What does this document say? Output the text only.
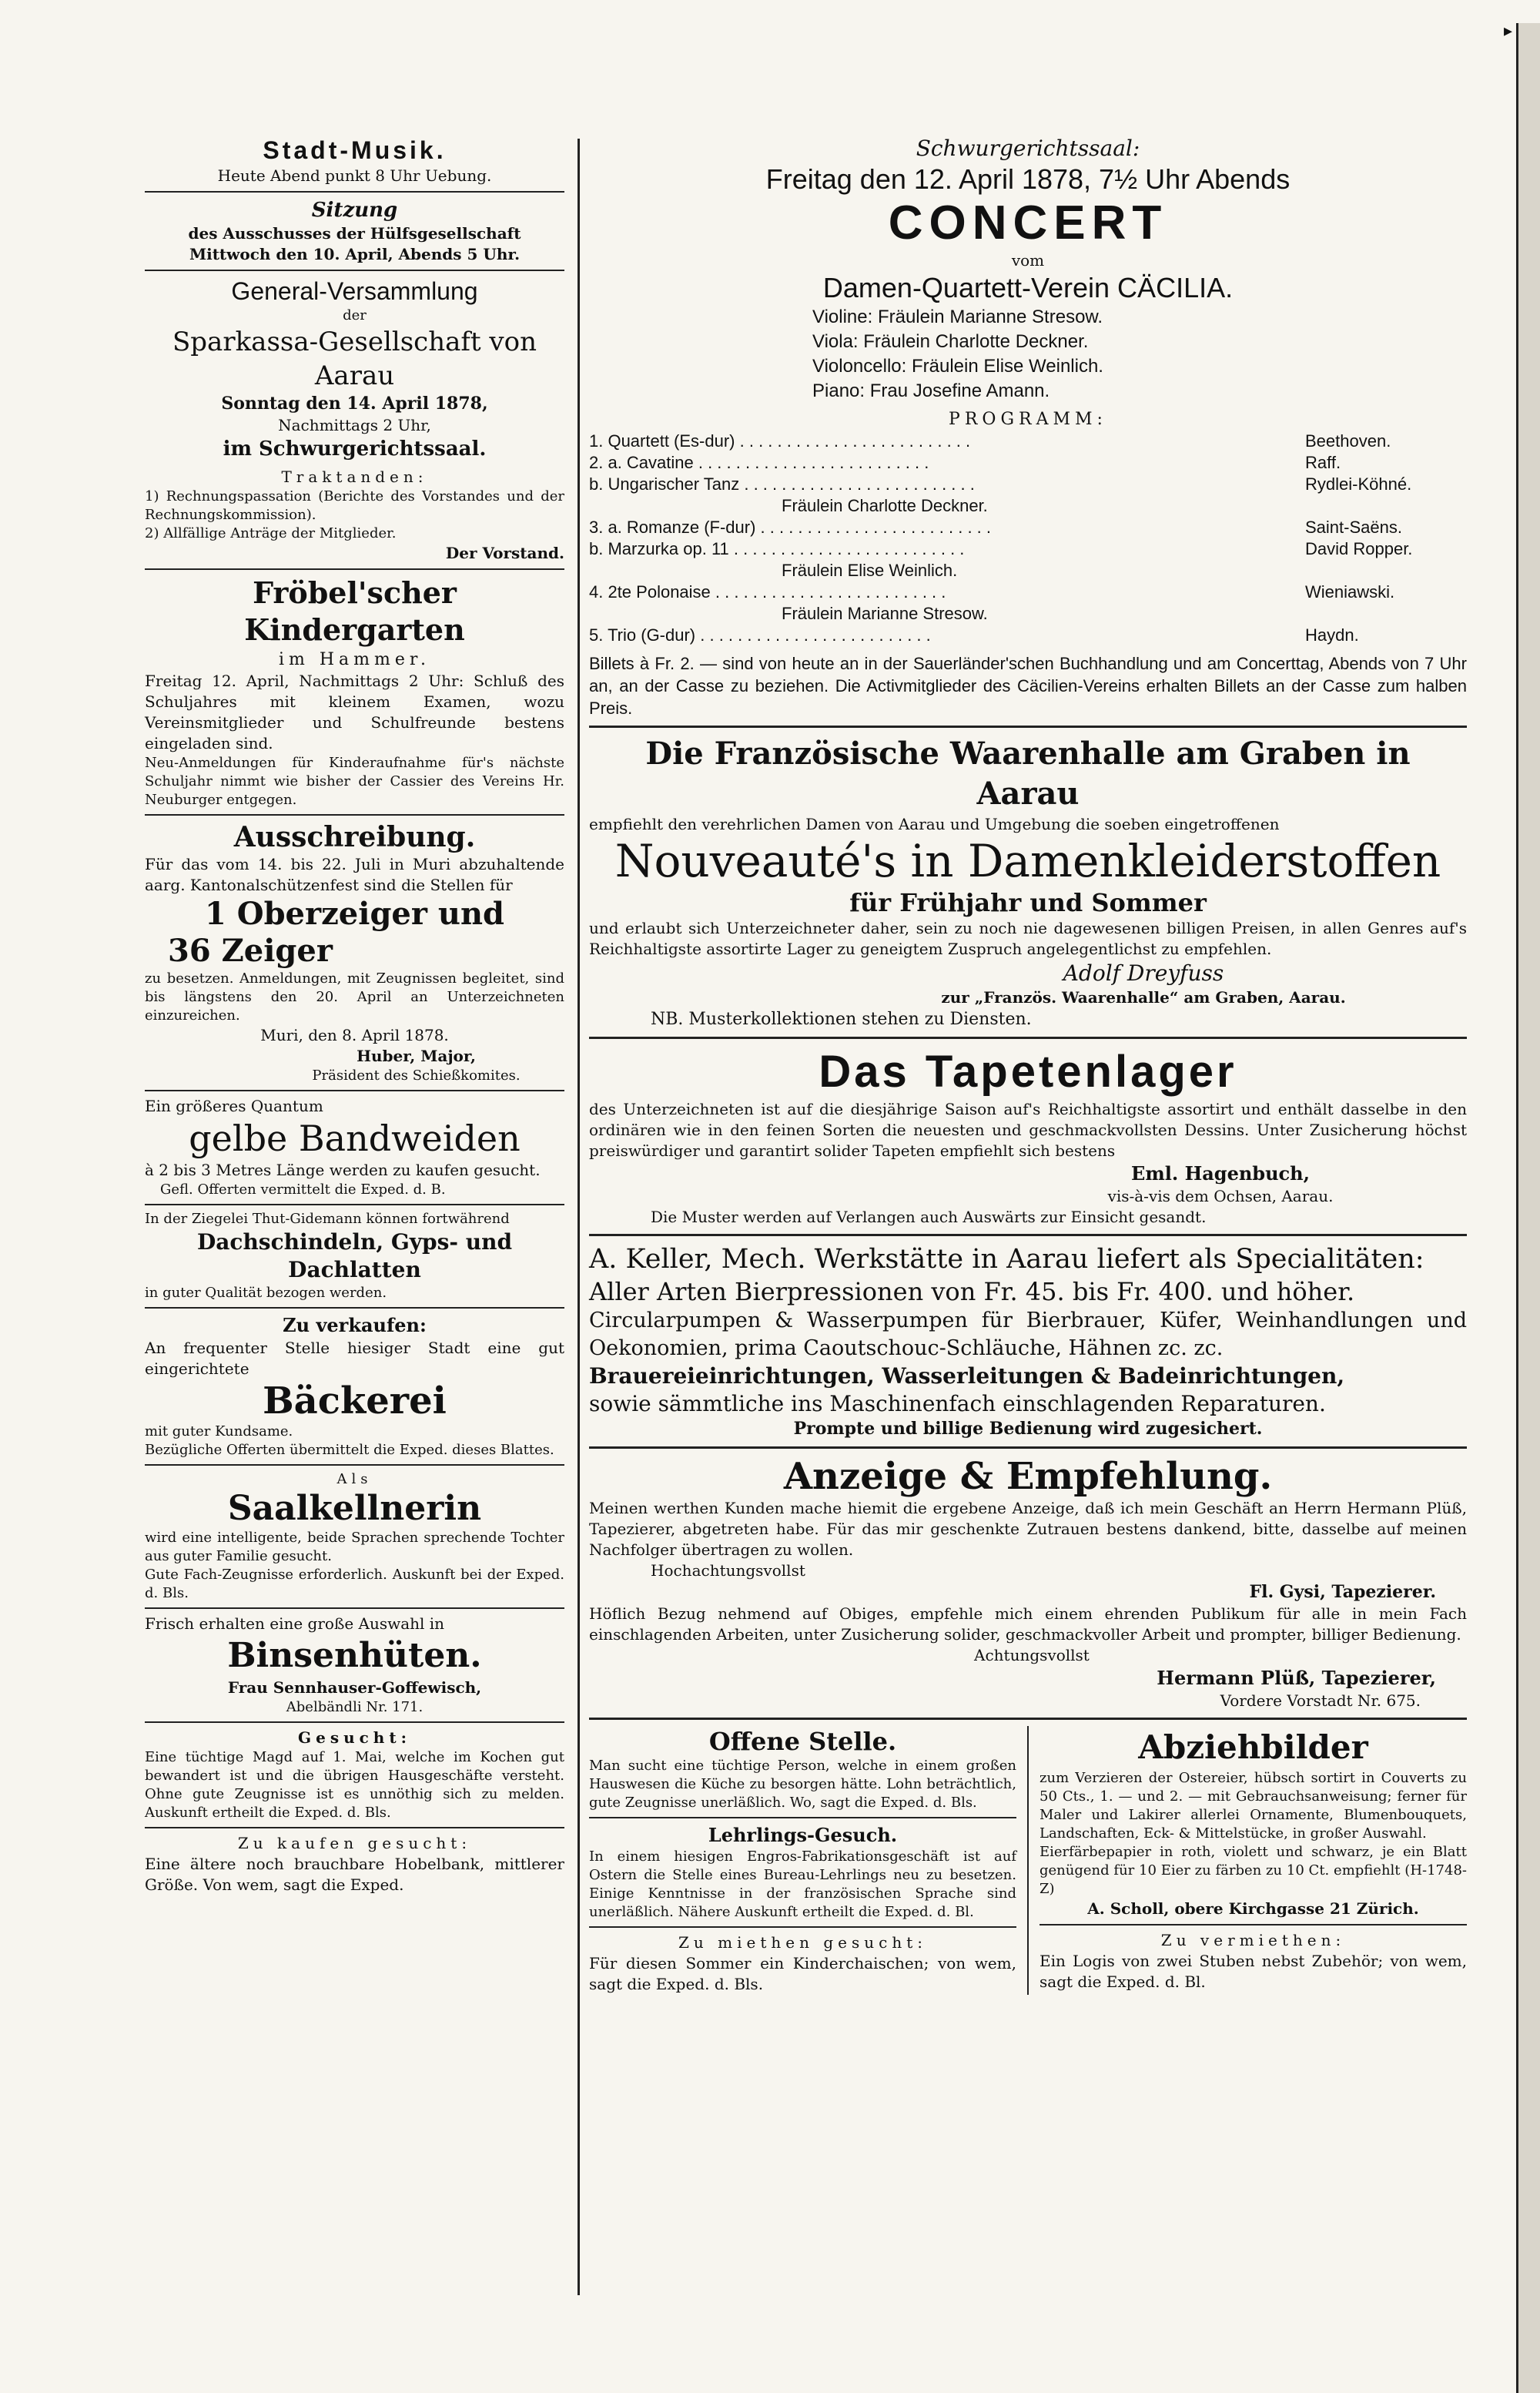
▸

Stadt-Musik.

Heute Abend punkt 8 Uhr Uebung.

Sitzung

des Ausschusses der Hülfsgesellschaft

Mittwoch den 10. April, Abends 5 Uhr.

General-Versammlung

der

Sparkassa-Gesellschaft von Aarau

Sonntag den 14. April 1878,

Nachmittags 2 Uhr,

im Schwurgerichtssaal.

Traktanden:

1) Rechnungspassation (Berichte des Vorstandes und der Rechnungskommission).

2) Allfällige Anträge der Mitglieder.

Der Vorstand.

Fröbel'scher Kindergarten

im Hammer.

Freitag 12. April, Nachmittags 2 Uhr: Schluß des Schuljahres mit kleinem Examen, wozu Vereinsmitglieder und Schulfreunde bestens eingeladen sind.

Neu-Anmeldungen für Kinderaufnahme für's nächste Schuljahr nimmt wie bisher der Cassier des Vereins Hr. Neuburger entgegen.

Ausschreibung.

Für das vom 14. bis 22. Juli in Muri abzuhaltende aarg. Kantonalschützenfest sind die Stellen für

1 Oberzeiger und

36 Zeiger

zu besetzen. Anmeldungen, mit Zeugnissen begleitet, sind bis längstens den 20. April an Unterzeichneten einzureichen.

Muri, den 8. April 1878.

Huber, Major,

Präsident des Schießkomites.

Ein größeres Quantum

gelbe Bandweiden

à 2 bis 3 Metres Länge werden zu kaufen gesucht.

Gefl. Offerten vermittelt die Exped. d. B.

In der Ziegelei Thut-Gidemann können fortwährend

Dachschindeln, Gyps- und

Dachlatten

in guter Qualität bezogen werden.

Zu verkaufen:

An frequenter Stelle hiesiger Stadt eine gut eingerichtete

Bäckerei

mit guter Kundsame.

Bezügliche Offerten übermittelt die Exped. dieses Blattes.

Als

Saalkellnerin

wird eine intelligente, beide Sprachen sprechende Tochter aus guter Familie gesucht.

Gute Fach-Zeugnisse erforderlich. Auskunft bei der Exped. d. Bls.

Frisch erhalten eine große Auswahl in

Binsenhüten.

Frau Sennhauser-Goffewisch,

Abelbändli Nr. 171.

Gesucht:

Eine tüchtige Magd auf 1. Mai, welche im Kochen gut bewandert ist und die übrigen Hausgeschäfte versteht. Ohne gute Zeugnisse ist es unnöthig sich zu melden. Auskunft ertheilt die Exped. d. Bls.

Zu kaufen gesucht:

Eine ältere noch brauchbare Hobelbank, mittlerer Größe. Von wem, sagt die Exped.

Schwurgerichtssaal:

Freitag den 12. April 1878, 7½ Uhr Abends

CONCERT

vom

Damen-Quartett-Verein CÄCILIA.

Violine: Fräulein Marianne Stresow.

Viola: Fräulein Charlotte Deckner.

Violoncello: Fräulein Elise Weinlich.

Piano: Frau Josefine Amann.

PROGRAMM:

1. Quartett (Es-dur) . .	Beethoven.
2. a. Cavatine . .	Raff.
b. Ungarischer Tanz . .	Rydlei-Köhné.

Fräulein Charlotte Deckner.

3. a. Romanze (F-dur) . .	Saint-Saëns.
b. Marzurka op. 11 . .	David Ropper.

Fräulein Elise Weinlich.

4. 2te Polonaise . .	Wieniawski.

Fräulein Marianne Stresow.

5. Trio (G-dur) . .	Haydn.

Billets à Fr. 2. — sind von heute an in der Sauerländer'schen Buchhandlung und am Concerttag, Abends von 7 Uhr an, an der Casse zu beziehen. Die Activmitglieder des Cäcilien-Vereins erhalten Billets an der Casse zum halben Preis.

Die Französische Waarenhalle am Graben in Aarau

empfiehlt den verehrlichen Damen von Aarau und Umgebung die soeben eingetroffenen

Nouveauté's in Damenkleiderstoffen

für Frühjahr und Sommer

und erlaubt sich Unterzeichneter daher, sein zu noch nie dagewesenen billigen Preisen, in allen Genres auf's Reichhaltigste assortirte Lager zu geneigtem Zuspruch angelegentlichst zu empfehlen.

Adolf Dreyfuss

zur „Französ. Waarenhalle“ am Graben, Aarau.

NB. Musterkollektionen stehen zu Diensten.

Das Tapetenlager

des Unterzeichneten ist auf die diesjährige Saison auf's Reichhaltigste assortirt und enthält dasselbe in den ordinären wie in den feinen Sorten die neuesten und geschmackvollsten Dessins. Unter Zusicherung höchst preiswürdiger und garantirt solider Tapeten empfiehlt sich bestens

Eml. Hagenbuch,

vis-à-vis dem Ochsen, Aarau.

Die Muster werden auf Verlangen auch Auswärts zur Einsicht gesandt.

A. Keller, Mech. Werkstätte in Aarau liefert als Specialitäten:

Aller Arten Bierpressionen von Fr. 45. bis Fr. 400. und höher.

Circularpumpen & Wasserpumpen für Bierbrauer, Küfer, Weinhandlungen und Oekonomien, prima Caoutschouc-Schläuche, Hähnen zc. zc.

Brauereieinrichtungen, Wasserleitungen & Badeinrichtungen,

sowie sämmtliche ins Maschinenfach einschlagenden Reparaturen.

Prompte und billige Bedienung wird zugesichert.

Anzeige & Empfehlung.

Meinen werthen Kunden mache hiemit die ergebene Anzeige, daß ich mein Geschäft an Herrn Hermann Plüß, Tapezierer, abgetreten habe. Für das mir geschenkte Zutrauen bestens dankend, bitte, dasselbe auf meinen Nachfolger übertragen zu wollen.

Hochachtungsvollst

Fl. Gysi, Tapezierer.

Höflich Bezug nehmend auf Obiges, empfehle mich einem ehrenden Publikum für alle in mein Fach einschlagenden Arbeiten, unter Zusicherung solider, geschmackvoller Arbeit und prompter, billiger Bedienung.

Achtungsvollst

Hermann Plüß, Tapezierer,

Vordere Vorstadt Nr. 675.

Offene Stelle.

Man sucht eine tüchtige Person, welche in einem großen Hauswesen die Küche zu besorgen hätte. Lohn beträchtlich, gute Zeugnisse unerläßlich. Wo, sagt die Exped. d. Bls.

Lehrlings-Gesuch.

In einem hiesigen Engros-Fabrikationsgeschäft ist auf Ostern die Stelle eines Bureau-Lehrlings neu zu besetzen. Einige Kenntnisse in der französischen Sprache sind unerläßlich. Nähere Auskunft ertheilt die Exped. d. Bl.

Zu miethen gesucht:

Für diesen Sommer ein Kinderchaischen; von wem, sagt die Exped. d. Bls.

Abziehbilder

zum Verzieren der Ostereier, hübsch sortirt in Couverts zu 50 Cts., 1. — und 2. — mit Gebrauchsanweisung; ferner für Maler und Lakirer allerlei Ornamente, Blumenbouquets, Landschaften, Eck- & Mittelstücke, in großer Auswahl.

Eierfärbepapier in roth, violett und schwarz, je ein Blatt genügend für 10 Eier zu färben zu 10 Ct. empfiehlt (H-1748-Z)

A. Scholl, obere Kirchgasse 21 Zürich.

Zu vermiethen:

Ein Logis von zwei Stuben nebst Zubehör; von wem, sagt die Exped. d. Bl.
